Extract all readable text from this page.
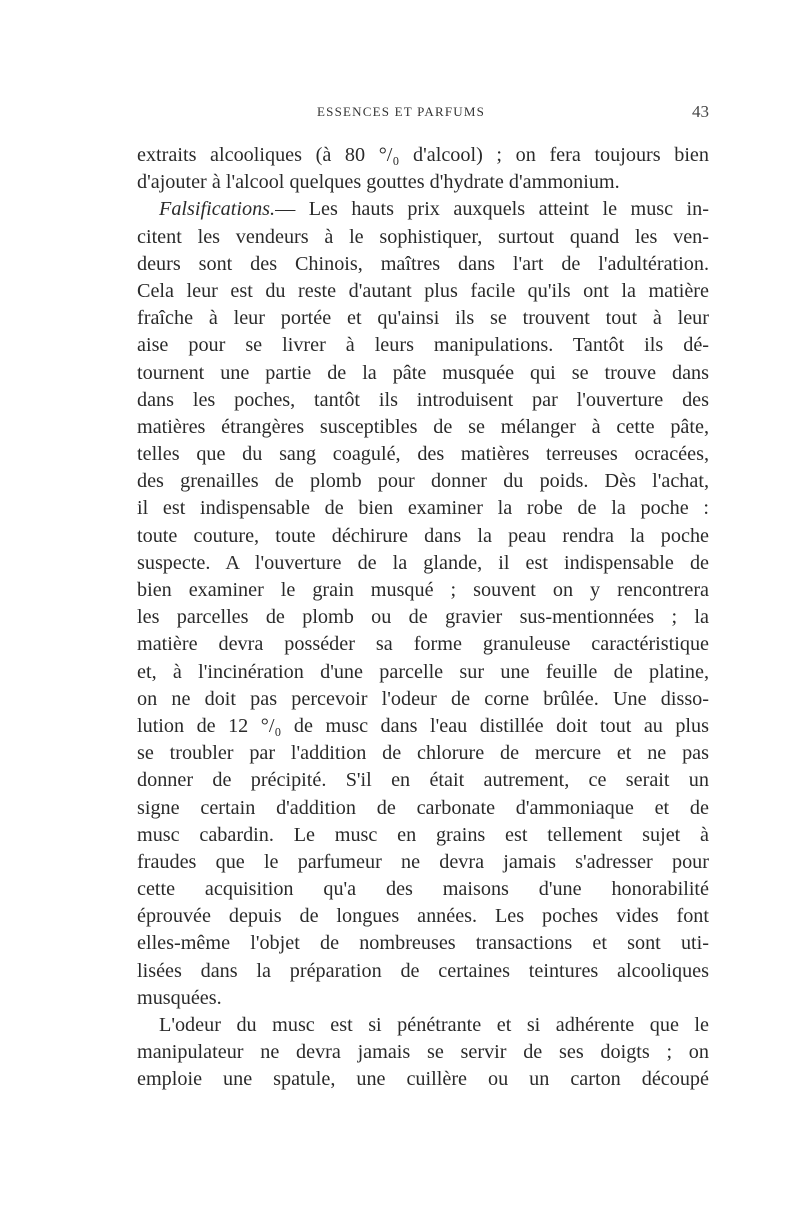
ESSENCES ET PARFUMS	43
extraits alcooliques (à 80 °/₀ d'alcool) ; on fera toujours bien
d'ajouter à l'alcool quelques gouttes d'hydrate d'ammonium.
Falsifications.— Les hauts prix auxquels atteint le musc in-
citent les vendeurs à le sophistiquer, surtout quand les ven-
deurs sont des Chinois, maîtres dans l'art de l'adultération.
Cela leur est du reste d'autant plus facile qu'ils ont la matière
fraîche à leur portée et qu'ainsi ils se trouvent tout à leur
aise pour se livrer à leurs manipulations. Tantôt ils dé-
tournent une partie de la pâte musquée qui se trouve dans
dans les poches, tantôt ils introduisent par l'ouverture des
matières étrangères susceptibles de se mélanger à cette pâte,
telles que du sang coagulé, des matières terreuses ocracées,
des grenailles de plomb pour donner du poids. Dès l'achat,
il est indispensable de bien examiner la robe de la poche :
toute couture, toute déchirure dans la peau rendra la poche
suspecte. A l'ouverture de la glande, il est indispensable de
bien examiner le grain musqué ; souvent on y rencontrera
les parcelles de plomb ou de gravier sus-mentionnées ; la
matière devra posséder sa forme granuleuse caractéristique
et, à l'incinération d'une parcelle sur une feuille de platine,
on ne doit pas percevoir l'odeur de corne brûlée. Une disso-
lution de 12 °/₀ de musc dans l'eau distillée doit tout au plus
se troubler par l'addition de chlorure de mercure et ne pas
donner de précipité. S'il en était autrement, ce serait un
signe certain d'addition de carbonate d'ammoniaque et de
musc cabardin. Le musc en grains est tellement sujet à
fraudes que le parfumeur ne devra jamais s'adresser pour
cette acquisition qu'a des maisons d'une honorabilité
éprouvée depuis de longues années. Les poches vides font
elles-même l'objet de nombreuses transactions et sont uti-
lisées dans la préparation de certaines teintures alcooliques
musquées.
L'odeur du musc est si pénétrante et si adhérente que le
manipulateur ne devra jamais se servir de ses doigts ; on
emploie une spatule, une cuillère ou un carton découpé
